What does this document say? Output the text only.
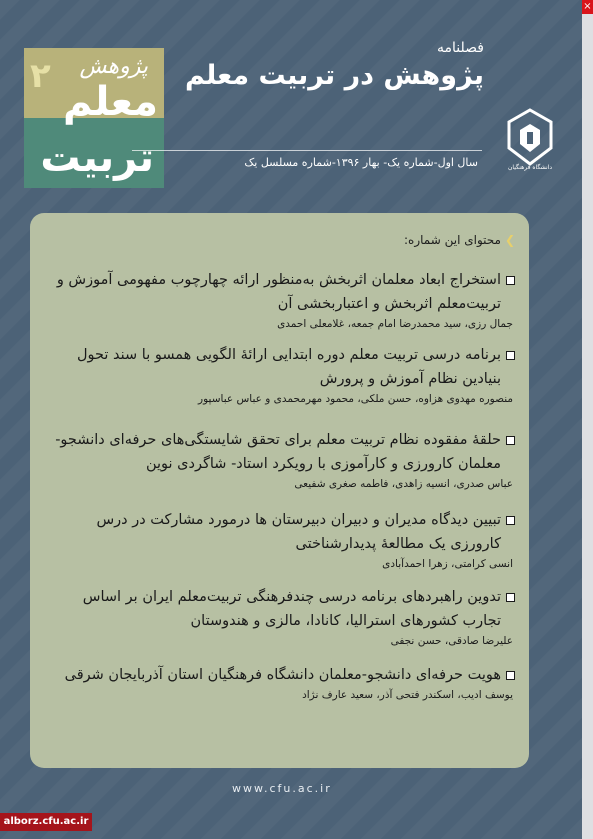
۲ پژوهش
معلم
تربیت
فصلنامه
پژوهش در تربیت معلم
دانشگاه فرهنگیان
سال اول-شماره یک- بهار ۱۳۹۶-شماره مسلسل یک
❯محتوای این شماره:
استخراج ابعاد معلمان اثربخش به‌منظور ارائه چهارچوب مفهومی آموزش و تربیت‌معلم اثربخش و اعتباربخشی آن
جمال رزی، سید محمدرضا امام جمعه، غلامعلی احمدی
برنامه درسی تربیت معلم دوره ابتدایی ارائهٔ الگویی همسو با سند تحول بنیادین نظام آموزش و پرورش
منصوره مهدوی هزاوه، حسن ملکی، محمود مهرمحمدی و عباس عباسپور
حلقهٔ مفقوده نظام تربیت معلم برای تحقق شایستگی‌های حرفه‌ای دانشجو- معلمان کارورزی و کارآموزی با رویکرد استاد- شاگردی نوین
عباس صدری، انسیه زاهدی، فاطمه صغری شفیعی
تبیین دیدگاه مدیران و دبیران دبیرستان ها درمورد مشارکت در درس کارورزی یک مطالعهٔ پدیدارشناختی
انسی کرامتی، زهرا احمدآبادی
تدوین راهبردهای برنامه درسی چندفرهنگی تربیت‌معلم ایران بر اساس تجارب کشورهای استرالیا، کانادا، مالزی و هندوستان
علیرضا صادقی، حسن نجفی
هویت حرفه‌ای دانشجو-معلمان دانشگاه فرهنگیان استان آذربایجان شرقی
یوسف ادیب، اسکندر فتحی آذر، سعید عارف نژاد
www.cfu.ac.ir
×
alborz.cfu.ac.ir
